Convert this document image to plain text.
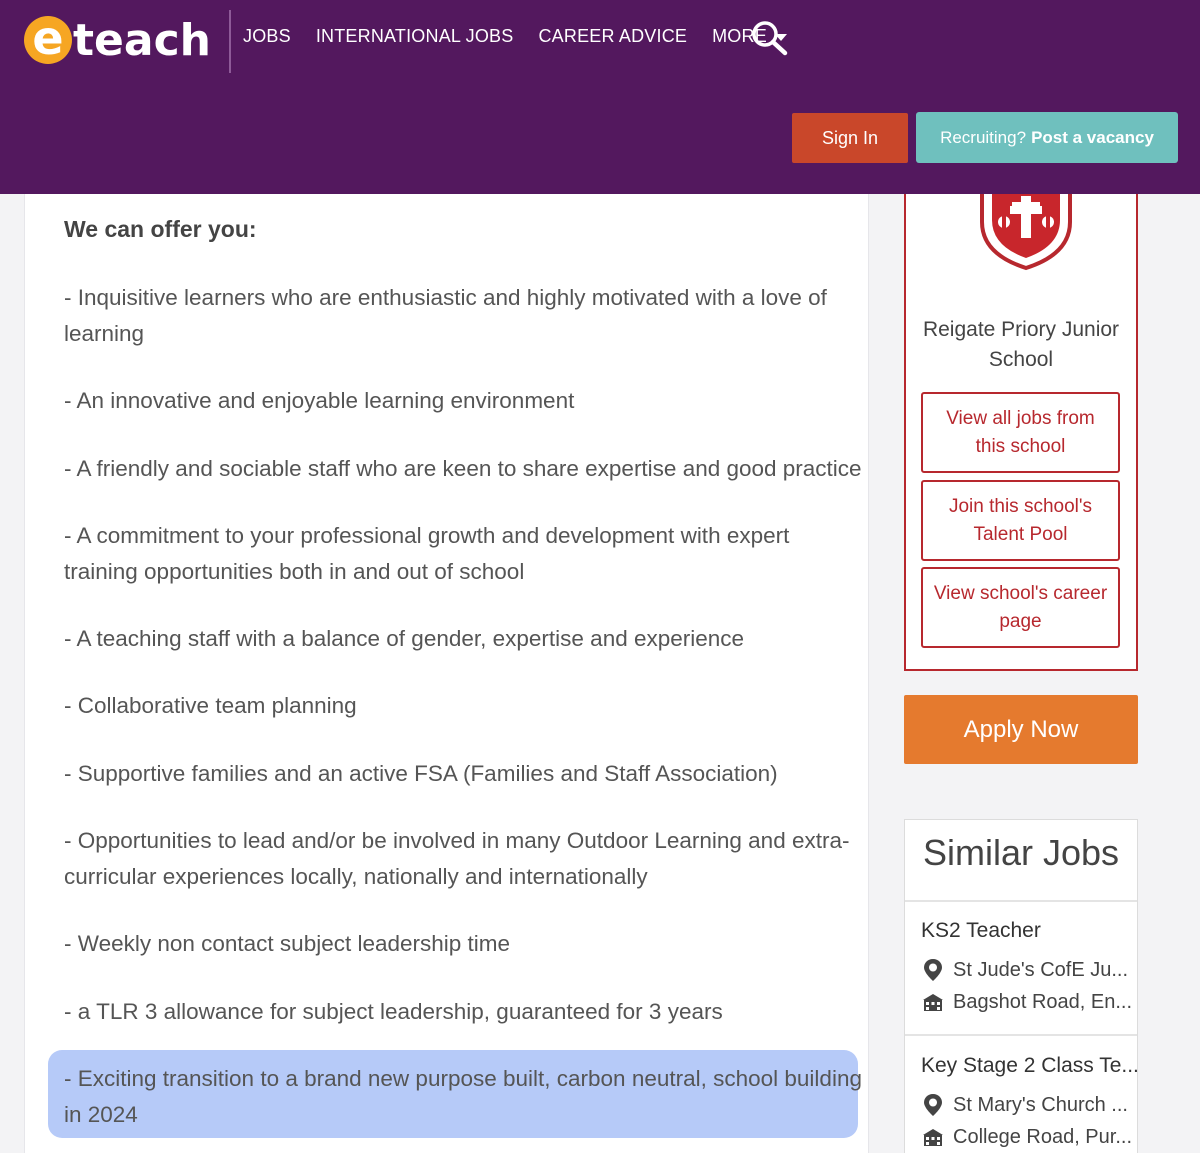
e teach JOBS INTERNATIONAL JOBS CAREER ADVICE MORE
Sign In	Recruiting? Post a vacancy
We can offer you:
- Inquisitive learners who are enthusiastic and highly motivated with a love of learning
- An innovative and enjoyable learning environment
- A friendly and sociable staff who are keen to share expertise and good practice
- A commitment to your professional growth and development with expert training opportunities both in and out of school
- A teaching staff with a balance of gender, expertise and experience
- Collaborative team planning
- Supportive families and an active FSA (Families and Staff Association)
- Opportunities to lead and/or be involved in many Outdoor Learning and extra-curricular experiences locally, nationally and internationally
- Weekly non contact subject leadership time
- a TLR 3 allowance for subject leadership, guaranteed for 3 years
- Exciting transition to a brand new purpose built, carbon neutral, school building in 2024
Reigate Priory Junior School
View all jobs from this school
Join this school's Talent Pool
View school's career page
Apply Now
Similar Jobs
KS2 Teacher
St Jude's CofE Ju...
Bagshot Road, En...
Key Stage 2 Class Te...
St Mary's Church ...
College Road, Pur...
